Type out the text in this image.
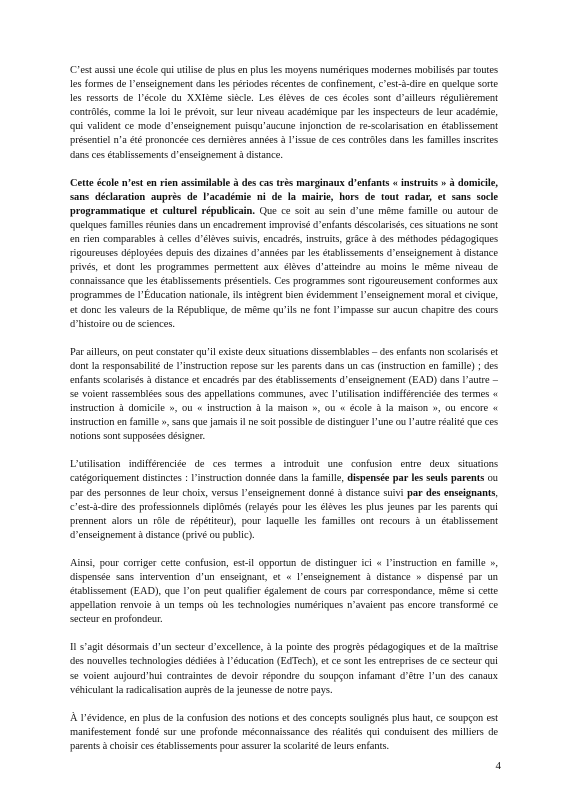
C’est aussi une école qui utilise de plus en plus les moyens numériques modernes mobilisés par toutes les formes de l’enseignement dans les périodes récentes de confinement, c’est-à-dire en quelque sorte les ressorts de l’école du XXIème siècle. Les élèves de ces écoles sont d’ailleurs régulièrement contrôlés, comme la loi le prévoit, sur leur niveau académique par les inspecteurs de leur académie, qui valident ce mode d’enseignement puisqu’aucune injonction de re-scolarisation en établissement présentiel n’a été prononcée ces dernières années à l’issue de ces contrôles dans les familles inscrites dans ces établissements d’enseignement à distance.

Cette école n’est en rien assimilable à des cas très marginaux d’enfants « instruits » à domicile, sans déclaration auprès de l’académie ni de la mairie, hors de tout radar, et sans socle programmatique et culturel républicain. Que ce soit au sein d’une même famille ou autour de quelques familles réunies dans un encadrement improvisé d’enfants déscolarisés, ces situations ne sont en rien comparables à celles d’élèves suivis, encadrés, instruits, grâce à des méthodes pédagogiques rigoureuses déployées depuis des dizaines d’années par les établissements d’enseignement à distance privés, et dont les programmes permettent aux élèves d’atteindre au moins le même niveau de connaissance que les établissements présentiels. Ces programmes sont rigoureusement conformes aux programmes de l’Éducation nationale, ils intègrent bien évidemment l’enseignement moral et civique, et donc les valeurs de la République, de même qu’ils ne font l’impasse sur aucun chapitre des cours d’histoire ou de sciences.

Par ailleurs, on peut constater qu’il existe deux situations dissemblables – des enfants non scolarisés et dont la responsabilité de l’instruction repose sur les parents dans un cas (instruction en famille) ; des enfants scolarisés à distance et encadrés par des établissements d’enseignement (EAD) dans l’autre – se voient rassemblées sous des appellations communes, avec l’utilisation indifférenciée des termes « instruction à domicile », ou « instruction à la maison », ou « école à la maison », ou encore « instruction en famille », sans que jamais il ne soit possible de distinguer l’une ou l’autre réalité que ces notions sont supposées désigner.

L’utilisation indifférenciée de ces termes a introduit une confusion entre deux situations catégoriquement distinctes : l’instruction donnée dans la famille, dispensée par les seuls parents ou par des personnes de leur choix, versus l’enseignement donné à distance suivi par des enseignants, c’est-à-dire des professionnels diplômés (relayés pour les élèves les plus jeunes par les parents qui prennent alors un rôle de répétiteur), pour laquelle les familles ont recours à un établissement d’enseignement à distance (privé ou public).

Ainsi, pour corriger cette confusion, est-il opportun de distinguer ici « l’instruction en famille », dispensée sans intervention d’un enseignant, et « l’enseignement à distance » dispensé par un établissement (EAD), que l’on peut qualifier également de cours par correspondance, même si cette appellation renvoie à un temps où les technologies numériques n’avaient pas encore transformé ce secteur en profondeur.

Il s’agit désormais d’un secteur d’excellence, à la pointe des progrès pédagogiques et de la maîtrise des nouvelles technologies dédiées à l’éducation (EdTech), et ce sont les entreprises de ce secteur qui se voient aujourd’hui contraintes de devoir répondre du soupçon infamant d’être l’un des canaux véhiculant la radicalisation auprès de la jeunesse de notre pays.

À l’évidence, en plus de la confusion des notions et des concepts soulignés plus haut, ce soupçon est manifestement fondé sur une profonde méconnaissance des réalités qui conduisent des milliers de parents à choisir ces établissements pour assurer la scolarité de leurs enfants.

4
